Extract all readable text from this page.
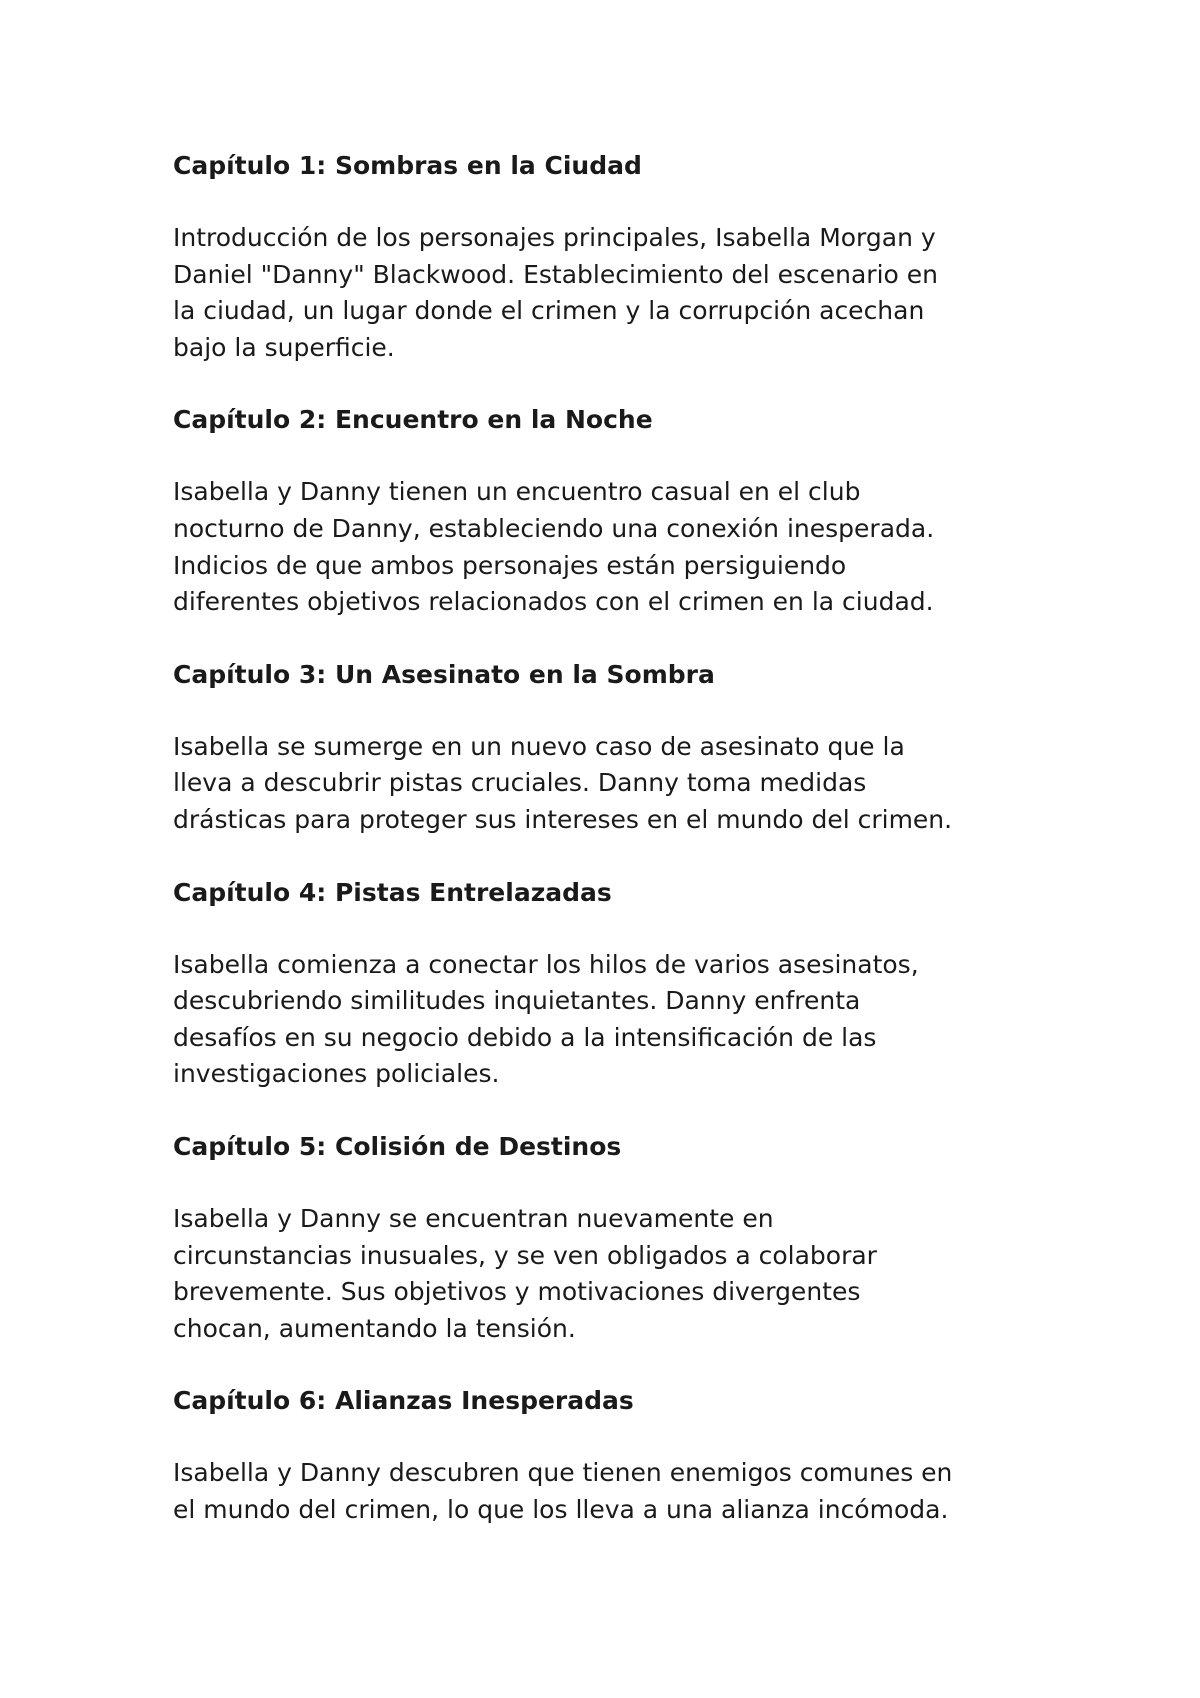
Capítulo 1: Sombras en la Ciudad

Introducción de los personajes principales, Isabella Morgan y
Daniel "Danny" Blackwood. Establecimiento del escenario en
la ciudad, un lugar donde el crimen y la corrupción acechan
bajo la superficie.

Capítulo 2: Encuentro en la Noche

Isabella y Danny tienen un encuentro casual en el club
nocturno de Danny, estableciendo una conexión inesperada.
Indicios de que ambos personajes están persiguiendo
diferentes objetivos relacionados con el crimen en la ciudad.

Capítulo 3: Un Asesinato en la Sombra

Isabella se sumerge en un nuevo caso de asesinato que la
lleva a descubrir pistas cruciales. Danny toma medidas
drásticas para proteger sus intereses en el mundo del crimen.

Capítulo 4: Pistas Entrelazadas

Isabella comienza a conectar los hilos de varios asesinatos,
descubriendo similitudes inquietantes. Danny enfrenta
desafíos en su negocio debido a la intensificación de las
investigaciones policiales.

Capítulo 5: Colisión de Destinos

Isabella y Danny se encuentran nuevamente en
circunstancias inusuales, y se ven obligados a colaborar
brevemente. Sus objetivos y motivaciones divergentes
chocan, aumentando la tensión.

Capítulo 6: Alianzas Inesperadas

Isabella y Danny descubren que tienen enemigos comunes en
el mundo del crimen, lo que los lleva a una alianza incómoda.
